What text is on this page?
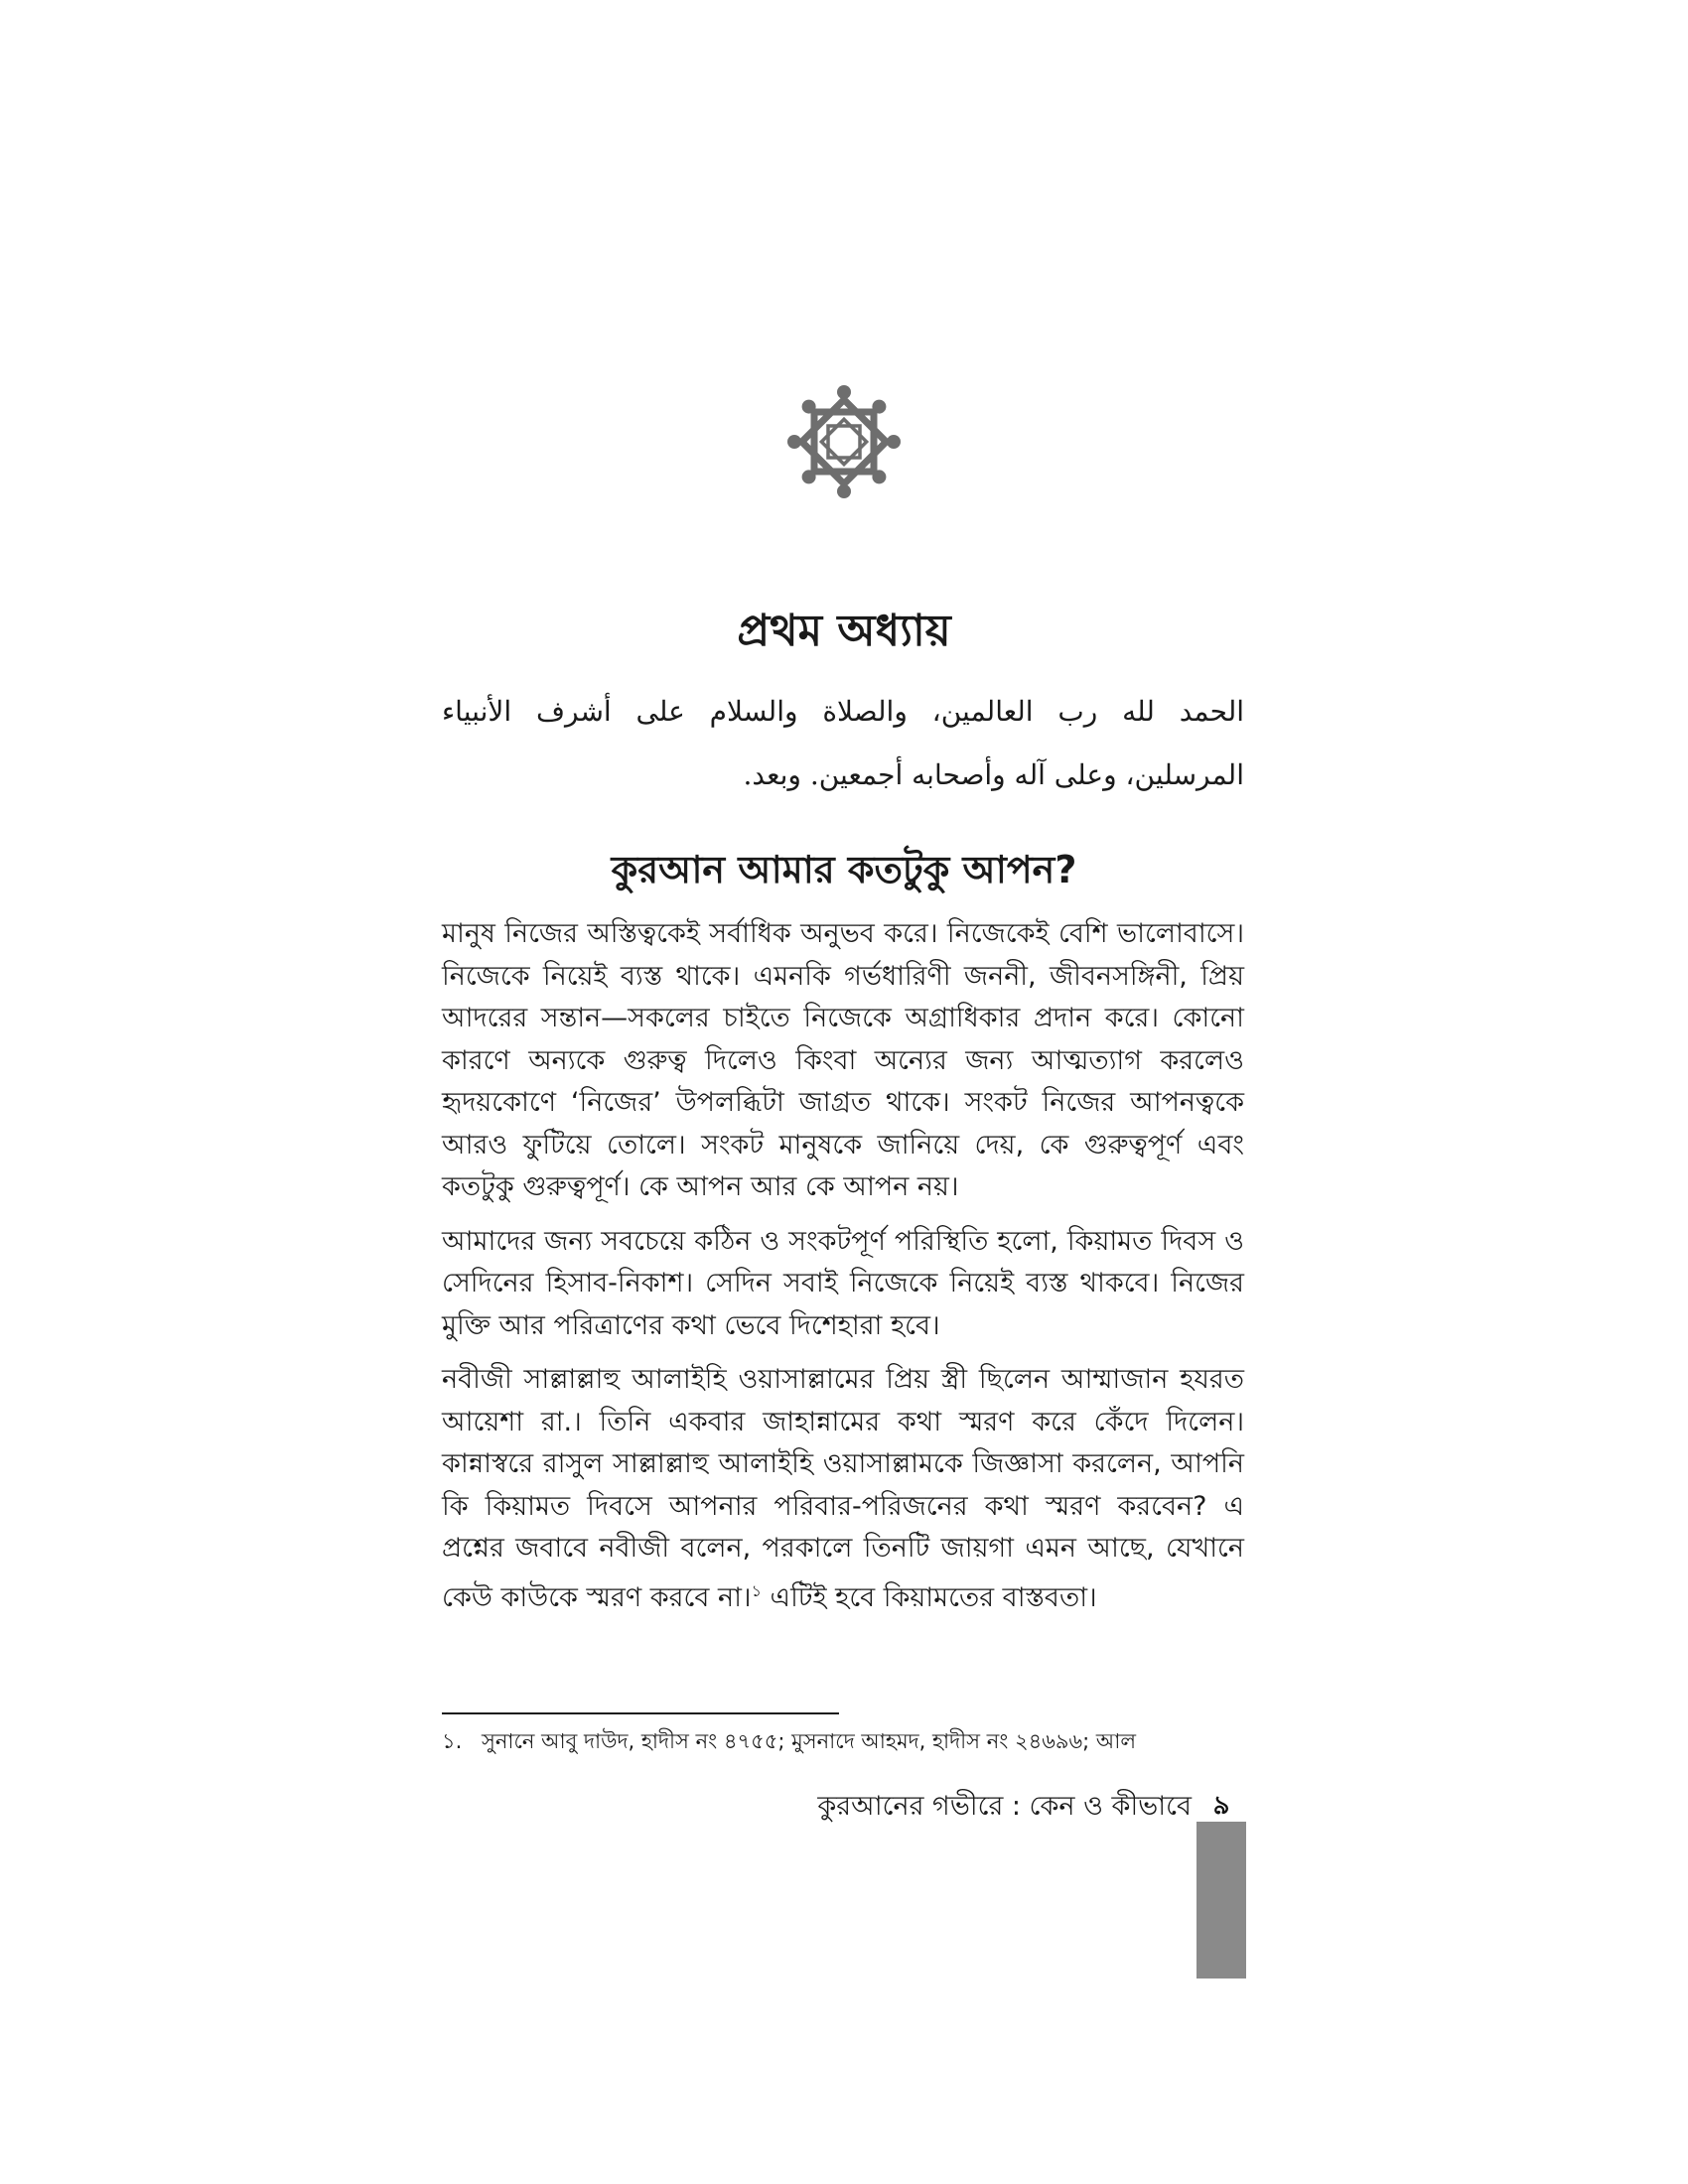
প্রথম অধ্যায়

الحمد لله رب العالمين، والصلاة والسلام على أشرف الأنبياء المرسلين، وعلى آله وأصحابه أجمعين. وبعد.

কুরআন আমার কতটুকু আপন?

মানুষ নিজের অস্তিত্বকেই সর্বাধিক অনুভব করে। নিজেকেই বেশি ভালোবাসে। নিজেকে নিয়েই ব্যস্ত থাকে। এমনকি গর্ভধারিণী জননী, জীবনসঙ্গিনী, প্রিয় আদরের সন্তান—সকলের চাইতে নিজেকে অগ্রাধিকার প্রদান করে। কোনো কারণে অন্যকে গুরুত্ব দিলেও কিংবা অন্যের জন্য আত্মত্যাগ করলেও হৃদয়কোণে ‘নিজের’ উপলব্ধিটা জাগ্রত থাকে। সংকট নিজের আপনত্বকে আরও ফুটিয়ে তোলে। সংকট মানুষকে জানিয়ে দেয়, কে গুরুত্বপূর্ণ এবং কতটুকু গুরুত্বপূর্ণ। কে আপন আর কে আপন নয়।

আমাদের জন্য সবচেয়ে কঠিন ও সংকটপূর্ণ পরিস্থিতি হলো, কিয়ামত দিবস ও সেদিনের হিসাব-নিকাশ। সেদিন সবাই নিজেকে নিয়েই ব্যস্ত থাকবে। নিজের মুক্তি আর পরিত্রাণের কথা ভেবে দিশেহারা হবে।

নবীজী সাল্লাল্লাহু আলাইহি ওয়াসাল্লামের প্রিয় স্ত্রী ছিলেন আম্মাজান হযরত আয়েশা রা.। তিনি একবার জাহান্নামের কথা স্মরণ করে কেঁদে দিলেন। কান্নাস্বরে রাসুল সাল্লাল্লাহু আলাইহি ওয়াসাল্লামকে জিজ্ঞাসা করলেন, আপনি কি কিয়ামত দিবসে আপনার পরিবার-পরিজনের কথা স্মরণ করবেন? এ প্রশ্নের জবাবে নবীজী বলেন, পরকালে তিনটি জায়গা এমন আছে, যেখানে কেউ কাউকে স্মরণ করবে না।$^১$ এটিই হবে কিয়ামতের বাস্তবতা।

১. সুনানে আবু দাউদ, হাদীস নং ৪৭৫৫; মুসনাদে আহমদ, হাদীস নং ২৪৬৯৬; আল

কুরআনের গভীরে : কেন ও কীভাবে ৯
